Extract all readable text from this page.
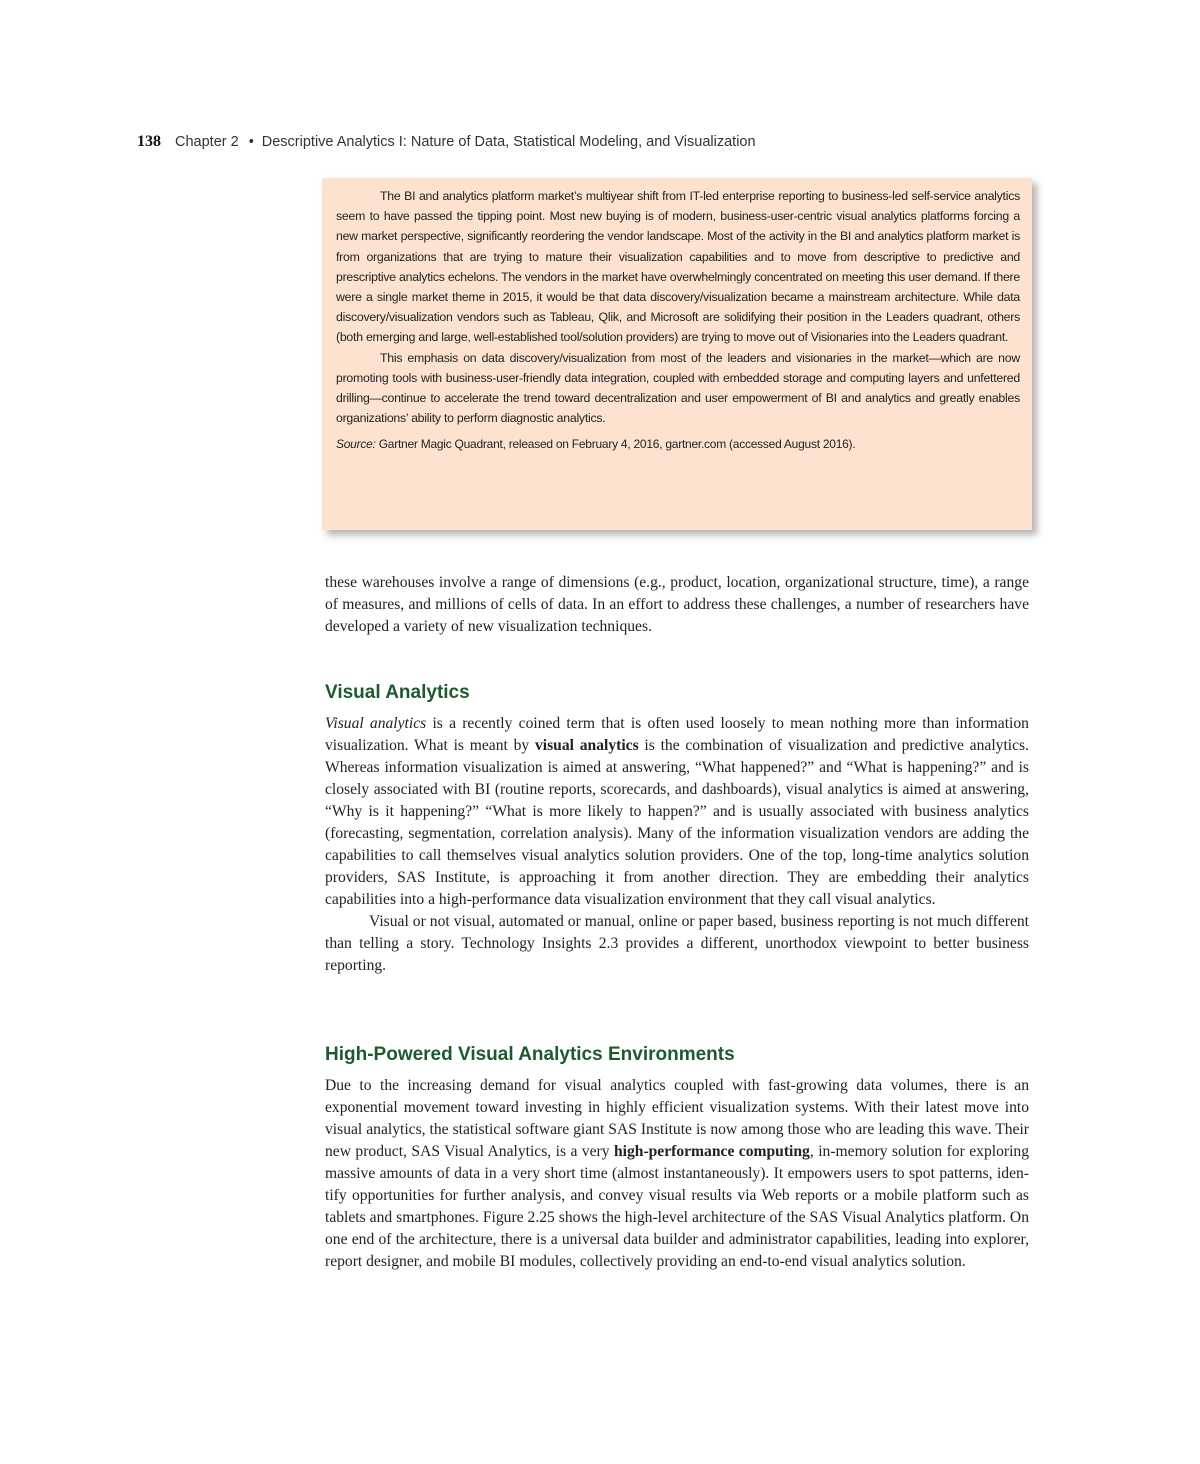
138 Chapter 2 • Descriptive Analytics I: Nature of Data, Statistical Modeling, and Visualization

The BI and analytics platform market’s multiyear shift from IT-led enterprise reporting to business-led self-service analytics seem to have passed the tipping point. Most new buying is of modern, business-user-centric visual analytics platforms forcing a new market perspective, significantly reordering the vendor landscape. Most of the activity in the BI and analytics platform market is from organizations that are trying to mature their visualization capabilities and to move from descriptive to predictive and prescriptive analytics echelons. The vendors in the market have overwhelmingly concentrated on meeting this user demand. If there were a single market theme in 2015, it would be that data discovery/visualization became a mainstream architecture. While data discovery/visualization vendors such as Tableau, Qlik, and Microsoft are solidifying their position in the Leaders quadrant, others (both emerging and large, well-established tool/solution providers) are trying to move out of Visionaries into the Leaders quadrant.

This emphasis on data discovery/visualization from most of the leaders and visionaries in the market—which are now promoting tools with business-user-friendly data integration, coupled with embedded storage and computing layers and unfettered drilling—continue to accelerate the trend toward decentralization and user empowerment of BI and analytics and greatly enables organizations’ ability to perform diagnostic analytics.

Source: Gartner Magic Quadrant, released on February 4, 2016, gartner.com (accessed August 2016).

these warehouses involve a range of dimensions (e.g., product, location, organizational structure, time), a range of measures, and millions of cells of data. In an effort to address these challenges, a number of researchers have developed a variety of new visualization techniques.

Visual Analytics

Visual analytics is a recently coined term that is often used loosely to mean nothing more than information visualization. What is meant by visual analytics is the combination of visualization and predictive analytics. Whereas information visualization is aimed at answering, “What happened?” and “What is happening?” and is closely associated with BI (routine reports, scorecards, and dashboards), visual analytics is aimed at answering, “Why is it happening?” “What is more likely to happen?” and is usually associated with business analytics (forecasting, segmentation, correlation analysis). Many of the information visualization vendors are adding the capabilities to call themselves visual analytics solution providers. One of the top, long-time analytics solution providers, SAS Institute, is approaching it from another direction. They are embedding their analytics capabilities into a high-performance data visualization environment that they call visual analytics.

Visual or not visual, automated or manual, online or paper based, business reporting is not much different than telling a story. Technology Insights 2.3 provides a different, unorthodox viewpoint to better business reporting.

High-Powered Visual Analytics Environments

Due to the increasing demand for visual analytics coupled with fast-growing data volumes, there is an exponential movement toward investing in highly efficient visualization systems. With their latest move into visual analytics, the statistical software giant SAS Institute is now among those who are leading this wave. Their new product, SAS Visual Analytics, is a very high-performance computing, in-memory solution for exploring massive amounts of data in a very short time (almost instantaneously). It empowers users to spot patterns, identify opportunities for further analysis, and convey visual results via Web reports or a mobile platform such as tablets and smartphones. Figure 2.25 shows the high-level architecture of the SAS Visual Analytics platform. On one end of the architecture, there is a universal data builder and administrator capabilities, leading into explorer, report designer, and mobile BI modules, collectively providing an end-to-end visual analytics solution.
